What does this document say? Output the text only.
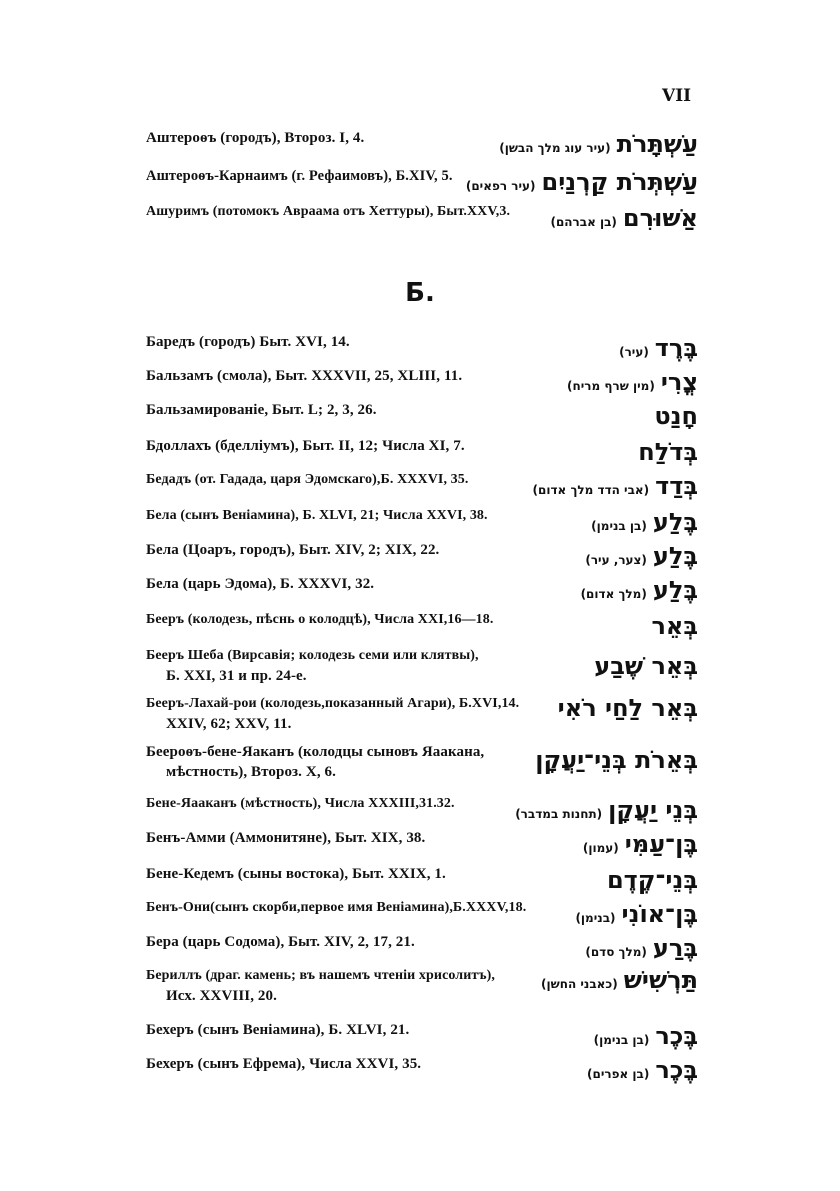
VII
Аштероѳъ (городъ), Второз. I, 4.	עַשְׁתָּרֹת(עיר עוג מלך הבשן)
Аштероѳъ-Карнаимъ (г. Рефаимовъ), Б.XIV, 5.	עַשְׁתְּרֹת קַרְנַיִם(עיר רפאים)
Ашуримъ (потомокъ Авраама отъ Хеттуры), Быт.XXV,3.	אַשּׁוּרִם(בן אברהם)
Б.
Баредъ (городъ) Быт. XVI, 14.	בֶּרֶד(עיר)
Бальзамъ (смола), Быт. XXXVII, 25, XLIII, 11.	צֳרִי(מין שרף מריח)
Бальзамированіе, Быт. L; 2, 3, 26.	חָנַט
Бдоллахъ (бделліумъ), Быт. II, 12; Числа XI, 7.	בְּדֹלַח
Бедадъ (от. Гадада, царя Эдомскаго),Б. XXXVI, 35.	בְּדַד(אבי הדד מלך אדום)
Бела (сынъ Веніамина), Б. XLVI, 21; Числа XXVI, 38.	בֶּלַע(בן בנימן)
Бела (Цоаръ, городъ), Быт. XIV, 2; XIX, 22.	בֶּלַע(צער, עיר)
Бела (царь Эдома), Б. XXXVI, 32.	בֶּלַע(מלך אדום)
Бееръ (колодезь, пѣснь о колодцѣ), Числа XXI,16—18.	בְּאֵר
Бееръ Шеба (Вирсавія; колодезь семи или клятвы),	בְּאֵר שֶׁבַע
Б. XXI, 31 и пр. 24-е.
Бееръ-Лахай-рои (колодезь,показанный Агари), Б.XVI,14. בְּאֵר לַחַי רֹאִי
XXIV, 62; XXV, 11.
Беероѳъ-бене-Яаканъ (колодцы сыновъ Яаакана, בְּאֵרֹת בְּנֵי־יַעֲקָן
мѣстность), Второз. X, 6.
Бене-Яааканъ (мѣстность), Числа XXXIII,31.32.	בְּנֵי יַעֲקָן(תחנות במדבר)
Бенъ-Амми (Аммонитяне), Быт. XIX, 38.	בֶּן־עַמִּי(עמון)
Бене-Кедемъ (сыны востока), Быт. XXIX, 1.	בְּנֵי־קֶדֶם
Бенъ-Они(сынъ скорби,первое имя Веніамина),Б.XXXV,18.	בֶּן־אוֹנִי(בנימן)
Бера (царь Содома), Быт. XIV, 2, 17, 21.	בֶּרַע(מלך סדם)
Бериллъ (драг. камень; въ нашемъ чтеніи хрисолитъ),	תַּרְשִׁישׁ(כאבני החשן)
Исх. XXVIII, 20.
Бехеръ (сынъ Веніамина), Б. XLVI, 21.	בֶּכֶר(בן בנימן)
Бехеръ (сынъ Ефрема), Числа XXVI, 35.	בֶּכֶר(בן אפרים)
